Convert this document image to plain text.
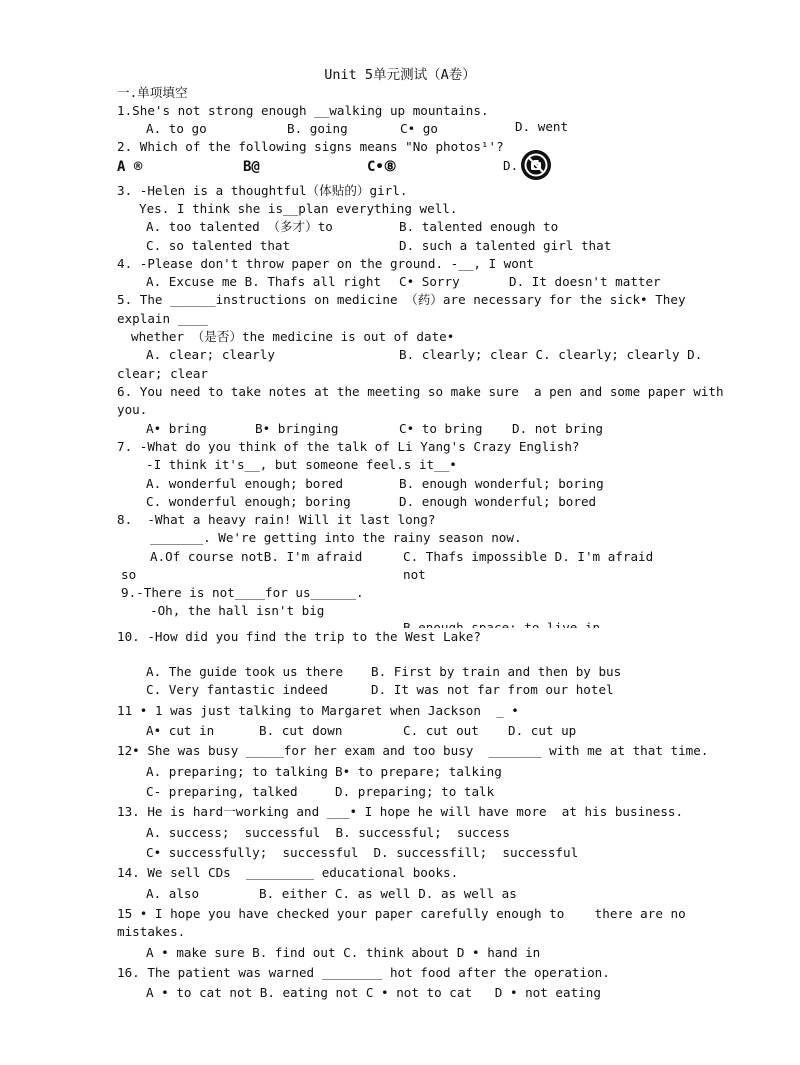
Unit 5单元测试（A卷）
一.单项填空
1.She's not strong enough __walking up mountains.
A. to go	B. going	C• go	D. went
2. Which of the following signs means "No photos¹'?
A ®	B@	C•⑧	D.
3. -Helen is a thoughtful（体贴的）girl.
Yes. I think she is__plan everything well.
A. too talented （多才）to	B. talented enough to
C. so talented that	D. such a talented girl that
4. -Please don't throw paper on the ground. -__, I wont
A. Excuse me B. Thafs all right C• Sorry	D. It doesn't matter
5. The ______instructions on medicine （药）are necessary for the sick• They
explain ____
whether （是否）the medicine is out of date•
A. clear; clearly	B. clearly; clear C. clearly; clearly D.
clear; clear
6. You need to take notes at the meeting so make sure  a pen and some paper with
you.
A• bring	B• bringing	C• to bring D. not bring
7. -What do you think of the talk of Li Yang's Crazy English?
-I think it's__, but someone feel.s it__•
A. wonderful enough; bored	B. enough wonderful; boring
C. wonderful enough; boring	D. enough wonderful; bored
8.  -What a heavy rain! Will it last long?
_______. We're getting into the rainy season now.
A.Of course notB. I'm afraid	C. Thafs impossible D. I'm afraid
so	not
9.-There is not____for us______.
-Oh, the hall isn't big
10. -How did you find the trip to the West Lake?
A. The guide took us there B. First by train and then by bus
C. Very fantastic indeed	D. It was not far from our hotel
11 • 1 was just talking to Margaret when Jackson  _ •
A• cut in	B. cut down	C. cut out D. cut up
12• She was busy _____for her exam and too busy  _______ with me at that time.
A. preparing; to talking B• to prepare; talking
C- preparing, talked	D. preparing; to talk
13. He is hard一working and ___• I hope he will have more  at his business.
A. success;  successful  B. successful;  success
C• successfully;  successful  D. successfill;  successful
14. We sell CDs  _________ educational books.
A. also	B. either C. as well D. as well as
15 • I hope you have checked your paper carefully enough to    there are no
mistakes.
A • make sure B. find out C. think about D • hand in
16. The patient was warned ________ hot food after the operation.
A • to cat not B. eating not C • not to cat   D • not eating
